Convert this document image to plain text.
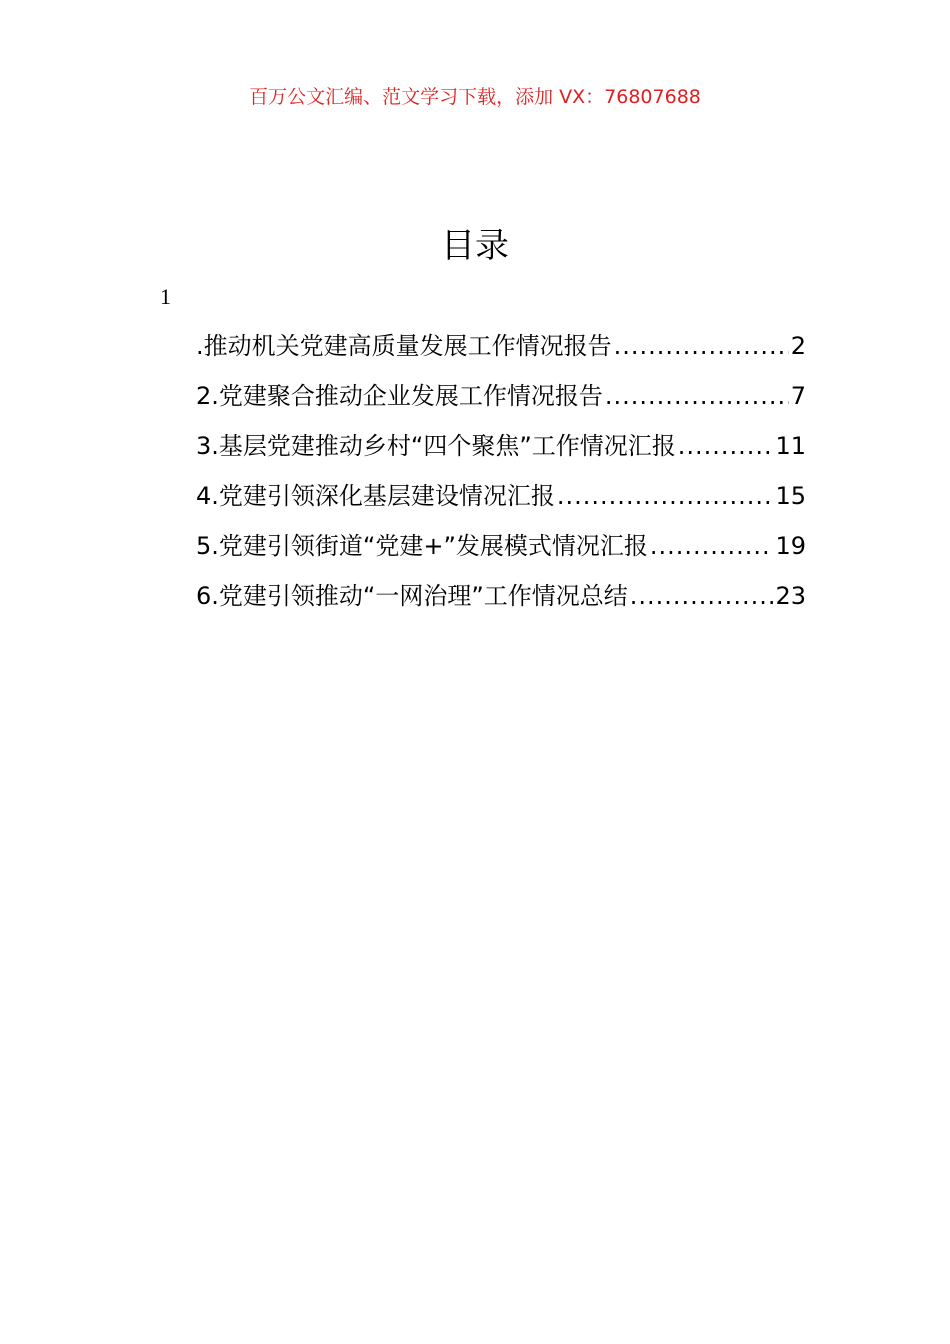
百万公文汇编、范文学习下载，添加 VX：76807688
目录
1
.推动机关党建高质量发展工作情况报告 .....	2
2.党建聚合推动企业发展工作情况报告 .....	7
3.基层党建推动乡村“四个聚焦”工作情况汇报 .....	11
4.党建引领深化基层建设情况汇报 .....	15
5.党建引领街道“党建+”发展模式情况汇报 .....	19
6.党建引领推动“一网治理”工作情况总结 .....	23
